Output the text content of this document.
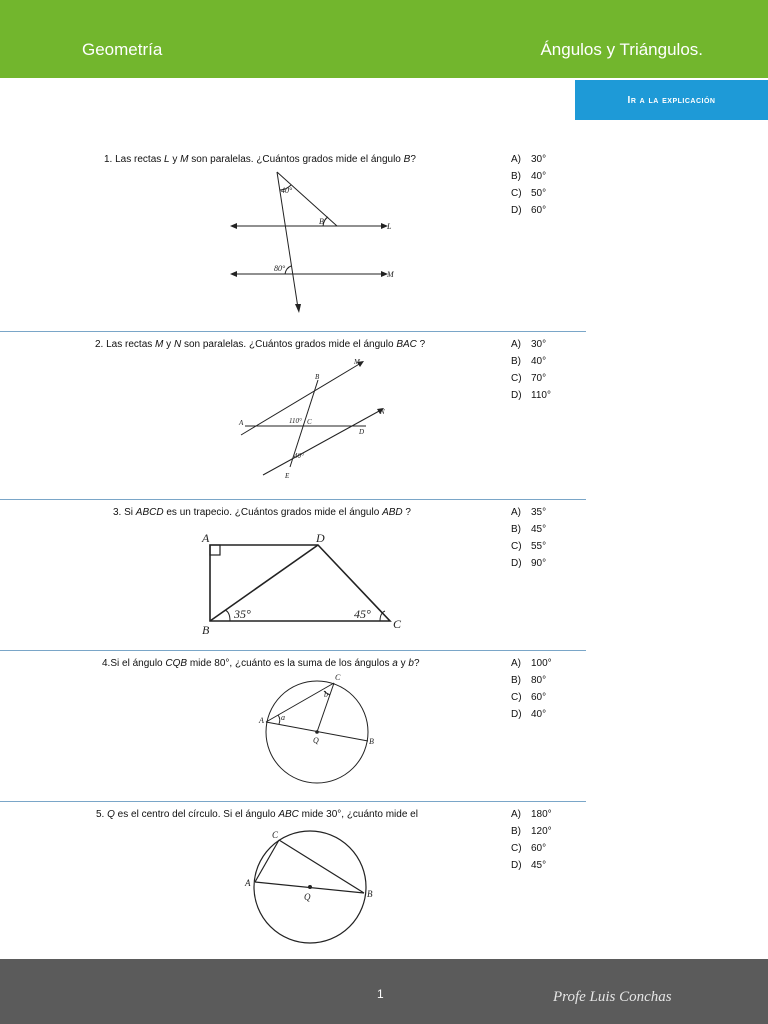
Geometría	Ángulos y Triángulos.
Ir a la explicación
1. Las rectas L y M son paralelas. ¿Cuántos grados mide el ángulo B?	A) 30°
B) 40°
C) 50°
D) 60°
40°
B
L
80°
M
2. Las rectas M y N son paralelas. ¿Cuántos grados mide el ángulo BAC ?	A) 30°
B) 40°
C) 70°
D) 110°
M
B
N
A	110° C
D
40°
E
3. Si ABCD es un trapecio. ¿Cuántos grados mide el ángulo ABD ?	A) 35°
B) 45°
C) 55°
D) 90°
A	D
B	C
35°	45°
4.Si el ángulo CQB mide 80°, ¿cuánto es la suma de los ángulos a y b?	A) 100°
B) 80°
C) 60°
D) 40°
C
b
A a
Q	B
5. Q es el centro del círculo. Si el ángulo ABC mide 30°, ¿cuánto mide el	A) 180°
B) 120°
C) 60°
D) 45°
C
A
Q	B
1	Profe Luis Conchas
